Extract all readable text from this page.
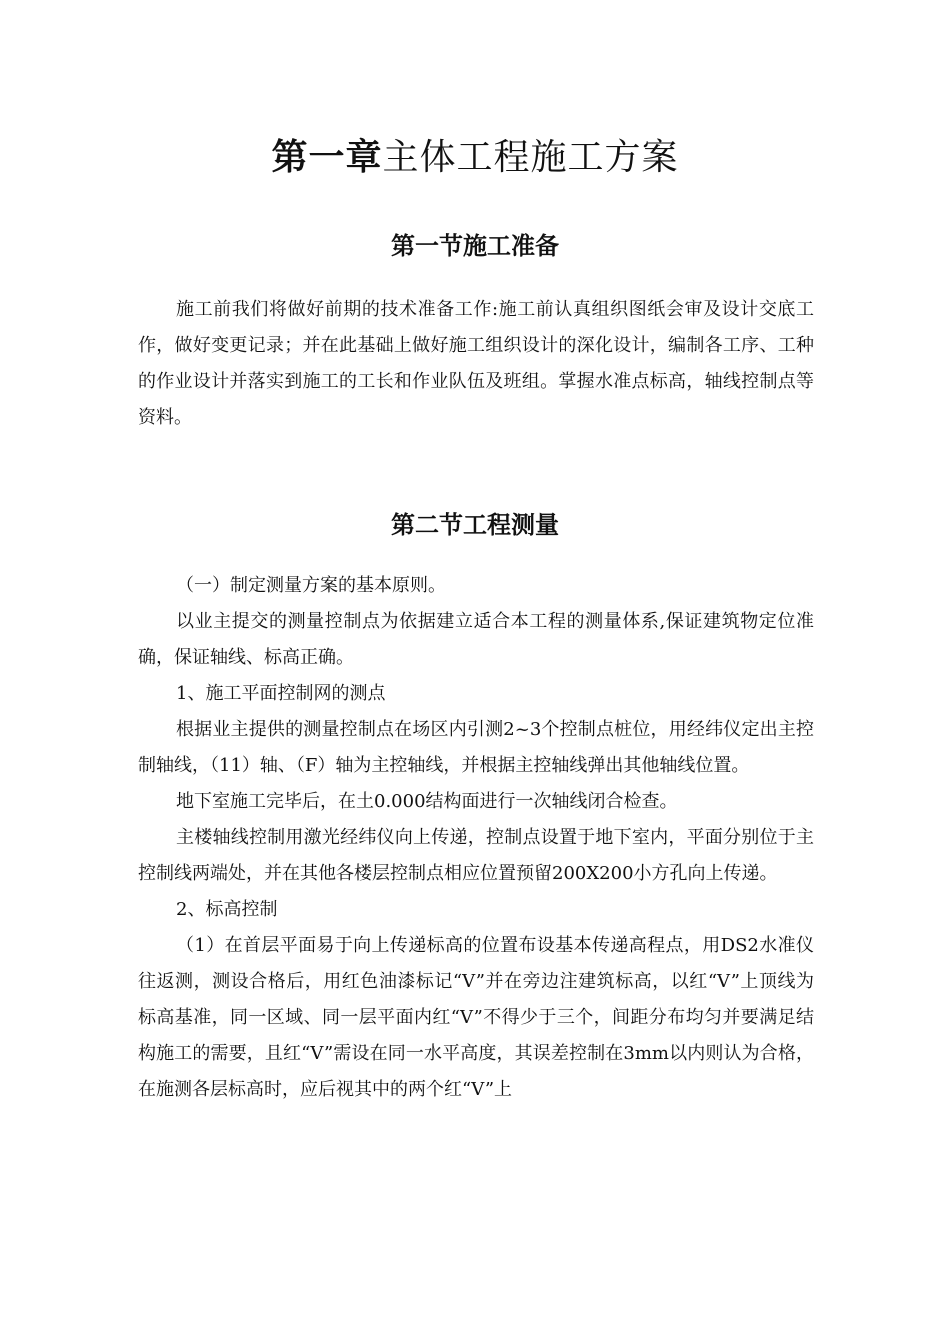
第一章主体工程施工方案
第一节施工准备

施工前我们将做好前期的技术准备工作:施工前认真组织图纸会审及设计交底工作，做好变更记录；并在此基础上做好施工组织设计的深化设计，编制各工序、工种的作业设计并落实到施工的工长和作业队伍及班组。掌握水准点标高，轴线控制点等资料。

第二节工程测量

（一）制定测量方案的基本原则。

以业主提交的测量控制点为依据建立适合本工程的测量体系,保证建筑物定位准确，保证轴线、标高正确。

1、施工平面控制网的测点

根据业主提供的测量控制点在场区内引测2~3个控制点桩位，用经纬仪定出主控制轴线，（11）轴、（F）轴为主控轴线，并根据主控轴线弹出其他轴线位置。

地下室施工完毕后，在土0.000结构面进行一次轴线闭合检查。

主楼轴线控制用激光经纬仪向上传递，控制点设置于地下室内，平面分别位于主控制线两端处，并在其他各楼层控制点相应位置预留200X200小方孔向上传递。

2、标高控制

（1）在首层平面易于向上传递标高的位置布设基本传递高程点，用DS2水准仪往返测，测设合格后，用红色油漆标记“V”并在旁边注建筑标高，以红“V”上顶线为标高基准，同一区域、同一层平面内红“V”不得少于三个，间距分布均匀并要满足结构施工的需要，且红“V”需设在同一水平高度，其误差控制在3mm以内则认为合格，在施测各层标高时，应后视其中的两个红“V”上
